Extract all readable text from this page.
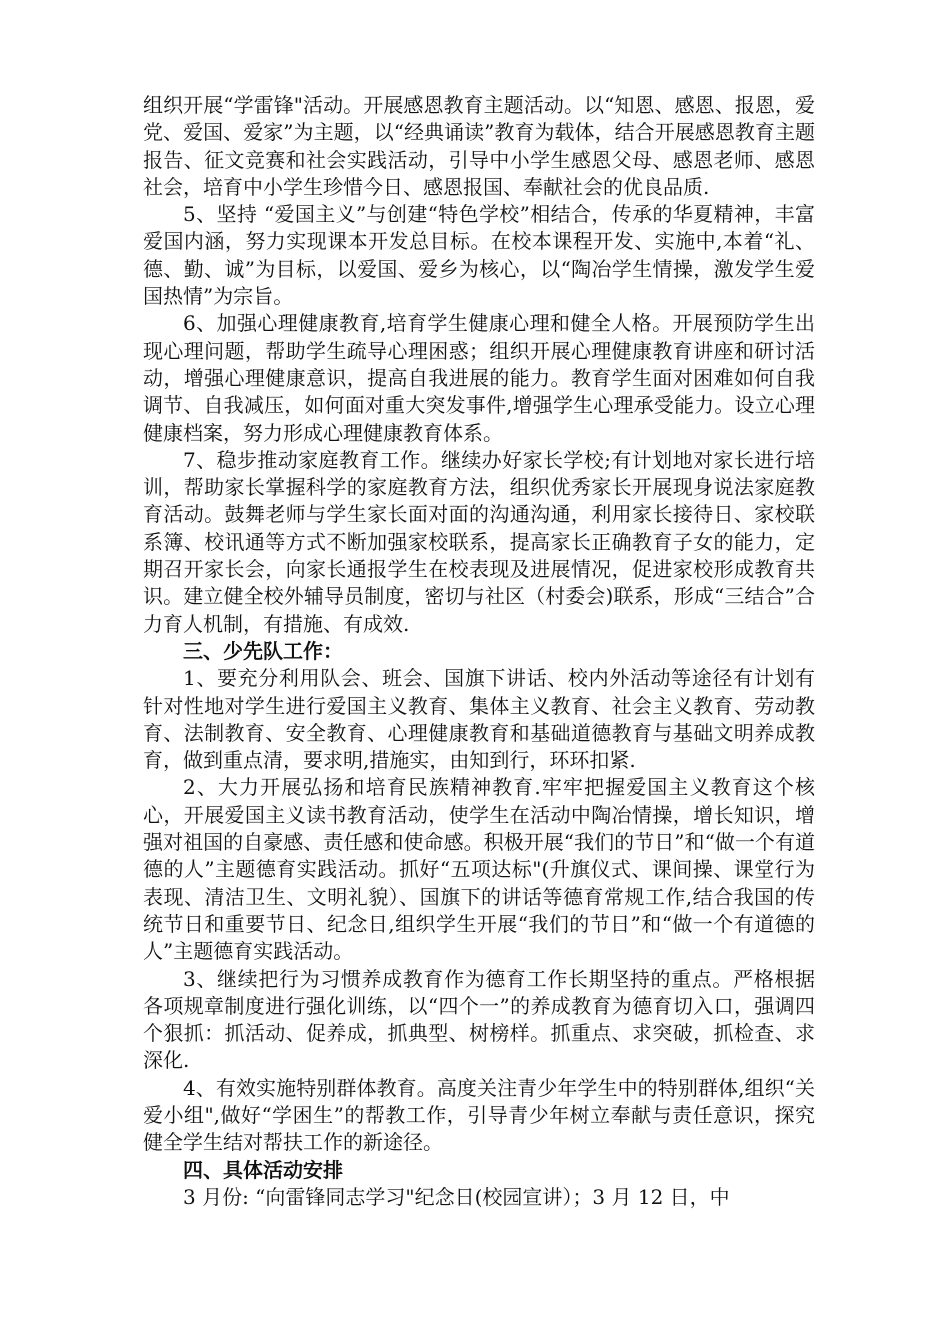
组织开展“学雷锋"活动。开展感恩教育主题活动。以“知恩、感恩、报恩，爱党、爱国、爱家”为主题，以“经典诵读”教育为载体，结合开展感恩教育主题报告、征文竞赛和社会实践活动，引导中小学生感恩父母、感恩老师、感恩社会，培育中小学生珍惜今日、感恩报国、奉献社会的优良品质.

5、坚持 “爱国主义”与创建“特色学校”相结合，传承的华夏精神，丰富爱国内涵，努力实现课本开发总目标。在校本课程开发、实施中,本着“礼、德、勤、诚”为目标，以爱国、爱乡为核心，以“陶冶学生情操，激发学生爱国热情”为宗旨。

6、加强心理健康教育,培育学生健康心理和健全人格。开展预防学生出现心理问题，帮助学生疏导心理困惑；组织开展心理健康教育讲座和研讨活动，增强心理健康意识，提高自我进展的能力。教育学生面对困难如何自我调节、自我减压，如何面对重大突发事件,增强学生心理承受能力。设立心理健康档案，努力形成心理健康教育体系。

7、稳步推动家庭教育工作。继续办好家长学校;有计划地对家长进行培训，帮助家长掌握科学的家庭教育方法，组织优秀家长开展现身说法家庭教育活动。鼓舞老师与学生家长面对面的沟通沟通，利用家长接待日、家校联系簿、校讯通等方式不断加强家校联系，提高家长正确教育子女的能力，定期召开家长会，向家长通报学生在校表现及进展情况，促进家校形成教育共识。建立健全校外辅导员制度，密切与社区（村委会)联系，形成“三结合”合力育人机制，有措施、有成效.

三、少先队工作：

1、要充分利用队会、班会、国旗下讲话、校内外活动等途径有计划有针对性地对学生进行爱国主义教育、集体主义教育、社会主义教育、劳动教育、法制教育、安全教育、心理健康教育和基础道德教育与基础文明养成教育，做到重点清，要求明,措施实，由知到行，环环扣紧.

2、大力开展弘扬和培育民族精神教育.牢牢把握爱国主义教育这个核心，开展爱国主义读书教育活动，使学生在活动中陶冶情操，增长知识，增强对祖国的自豪感、责任感和使命感。积极开展“我们的节日”和“做一个有道德的人”主题德育实践活动。抓好“五项达标"(升旗仪式、课间操、课堂行为表现、清洁卫生、文明礼貌）、国旗下的讲话等德育常规工作,结合我国的传统节日和重要节日、纪念日,组织学生开展“我们的节日”和“做一个有道德的人”主题德育实践活动。

3、继续把行为习惯养成教育作为德育工作长期坚持的重点。严格根据各项规章制度进行强化训练，以“四个一”的养成教育为德育切入口，强调四个狠抓：抓活动、促养成，抓典型、树榜样。抓重点、求突破，抓检查、求深化.

4、有效实施特别群体教育。高度关注青少年学生中的特别群体,组织“关爱小组",做好“学困生”的帮教工作，引导青少年树立奉献与责任意识，探究健全学生结对帮扶工作的新途径。

四、具体活动安排

3 月份: “向雷锋同志学习"纪念日(校园宣讲）；3 月 12 日，中
